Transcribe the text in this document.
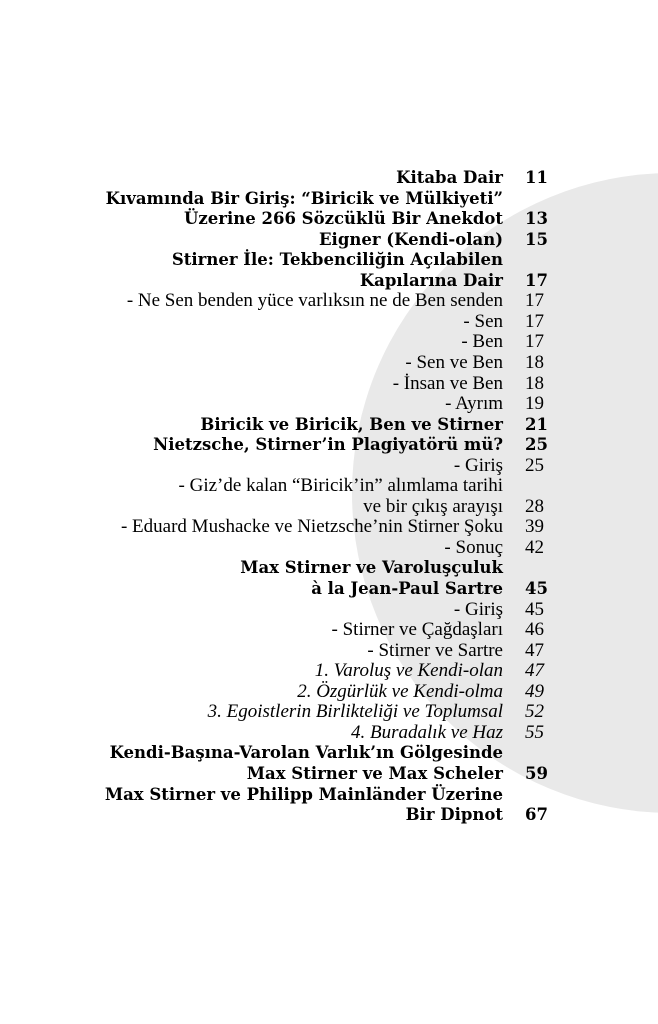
Kitaba Dair 11
Kıvamında Bir Giriş: “Biricik ve Mülkiyeti”
Üzerine 266 Sözcüklü Bir Anekdot 13
Eigner (Kendi-olan) 15
Stirner İle: Tekbenciliğin Açılabilen
Kapılarına Dair 17
- Ne Sen benden yüce varlıksın ne de Ben senden 17
- Sen 17
- Ben 17
- Sen ve Ben 18
- İnsan ve Ben 18
- Ayrım 19
Biricik ve Biricik, Ben ve Stirner 21
Nietzsche, Stirner’in Plagiyatörü mü? 25
- Giriş 25
- Giz’de kalan “Biricik’in” alımlama tarihi
ve bir çıkış arayışı 28
- Eduard Mushacke ve Nietzsche’nin Stirner Şoku 39
- Sonuç 42
Max Stirner ve Varoluşçuluk
à la Jean-Paul Sartre 45
- Giriş 45
- Stirner ve Çağdaşları 46
- Stirner ve Sartre 47
1. Varoluş ve Kendi-olan 47
2. Özgürlük ve Kendi-olma 49
3. Egoistlerin Birlikteliği ve Toplumsal 52
4. Buradalık ve Haz 55
Kendi-Başına-Varolan Varlık’ın Gölgesinde
Max Stirner ve Max Scheler 59
Max Stirner ve Philipp Mainländer Üzerine
Bir Dipnot 67
